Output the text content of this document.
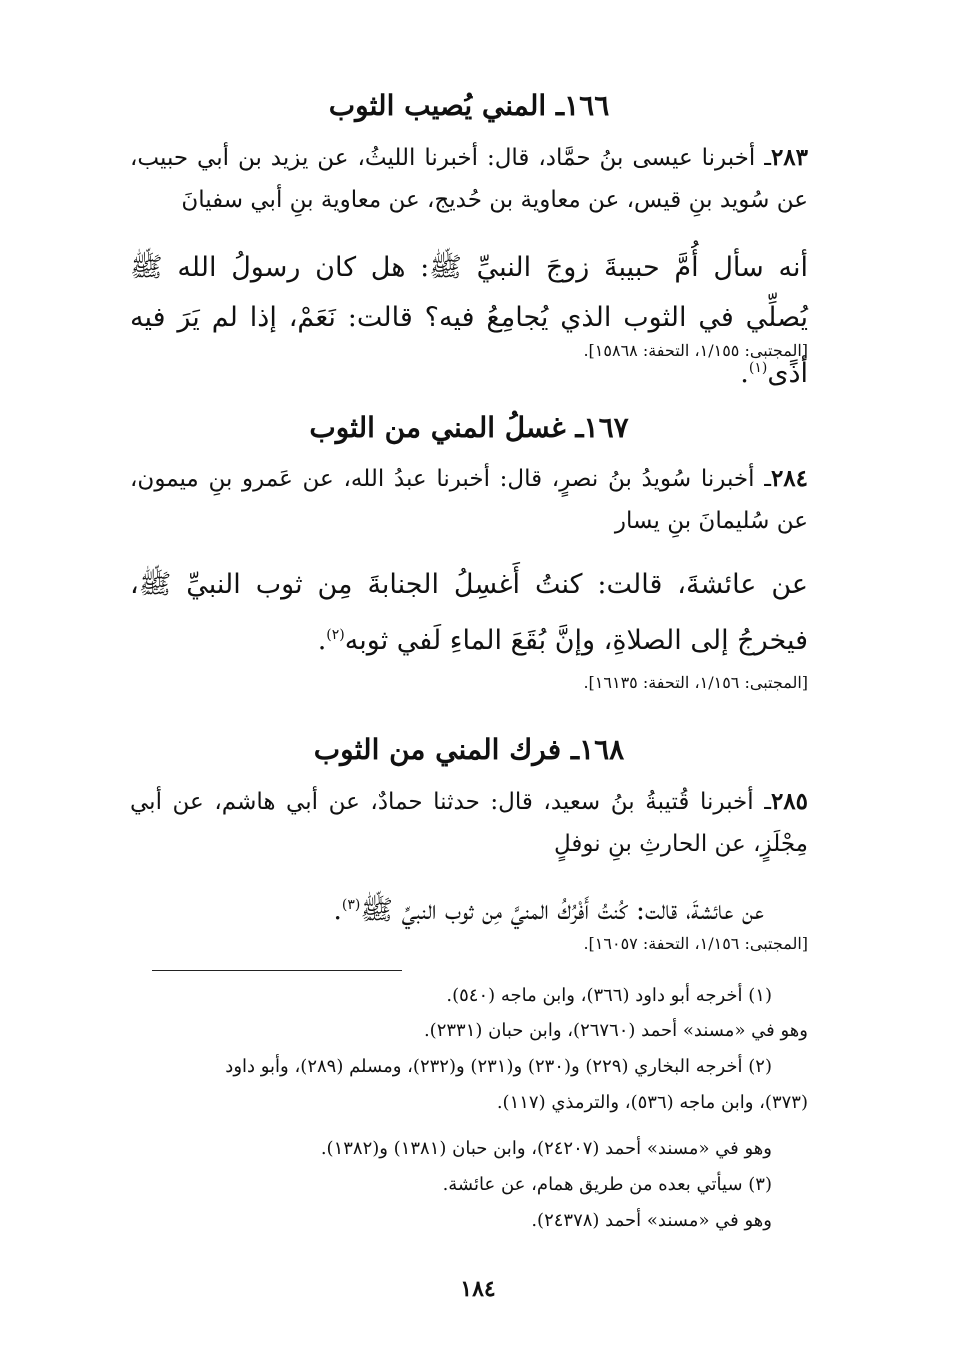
١٦٦ـ المني يُصيب الثوب

٢٨٣ـ أخبرنا عيسى بنُ حمَّاد، قال: أخبرنا الليثُ، عن يزيد بن أبي حبيب، عن سُويد بنِ قيس، عن معاوية بن حُديج، عن معاوية بنِ أبي سفيانَ

أنه سأل أُمَّ حبيبةَ زوجَ النبيِّ ﷺ: هل كان رسولُ الله ﷺ يُصلِّي في الثوب الذي يُجامِعُ فيه؟ قالت: نَعَمْ، إذا لم يَرَ فيه أذًى$^{(١)}$.

[المجتبى: ١/١٥٥، التحفة: ١٥٨٦٨].
١٦٧ـ غسلُ المني من الثوب

٢٨٤ـ أخبرنا سُويدُ بنُ نصرٍ، قال: أخبرنا عبدُ الله، عن عَمرو بنِ ميمون، عن سُليمانَ بنِ يسار

عن عائشةَ، قالت: كنتُ أَغسِلُ الجنابةَ مِن ثوب النبيِّ ﷺ، فيخرجُ إلى الصلاةِ، وإنَّ بُقَعَ الماءِ لَفي ثوبه$^{(٢)}$.

[المجتبى: ١/١٥٦، التحفة: ١٦١٣٥].
١٦٨ـ فرك المني من الثوب

٢٨٥ـ أخبرنا قُتيبةُ بنُ سعيد، قال: حدثنا حمادٌ، عن أبي هاشم، عن أبي مِجْلَزٍ، عن الحارثِ بنِ نوفلٍ

عن عائشةَ، قالت: كُنتُ أَفْرُكُ المنيَّ مِن ثوب النبيِّ ﷺ$^{(٣)}$.

[المجتبى: ١/١٥٦، التحفة: ١٦٠٥٧].

(١) أخرجه أبو داود (٣٦٦)، وابن ماجه (٥٤٠).

وهو في «مسند» أحمد (٢٦٧٦٠)، وابن حبان (٢٣٣١).

(٢) أخرجه البخاري (٢٢٩) و(٢٣٠) و(٢٣١) و(٢٣٢)، ومسلم (٢٨٩)، وأبو داود

(٣٧٣)، وابن ماجه (٥٣٦)، والترمذي (١١٧).

وهو في «مسند» أحمد (٢٤٢٠٧)، وابن حبان (١٣٨١) و(١٣٨٢).

(٣) سيأتي بعده من طريق همام، عن عائشة.

وهو في «مسند» أحمد (٢٤٣٧٨).

١٨٤
